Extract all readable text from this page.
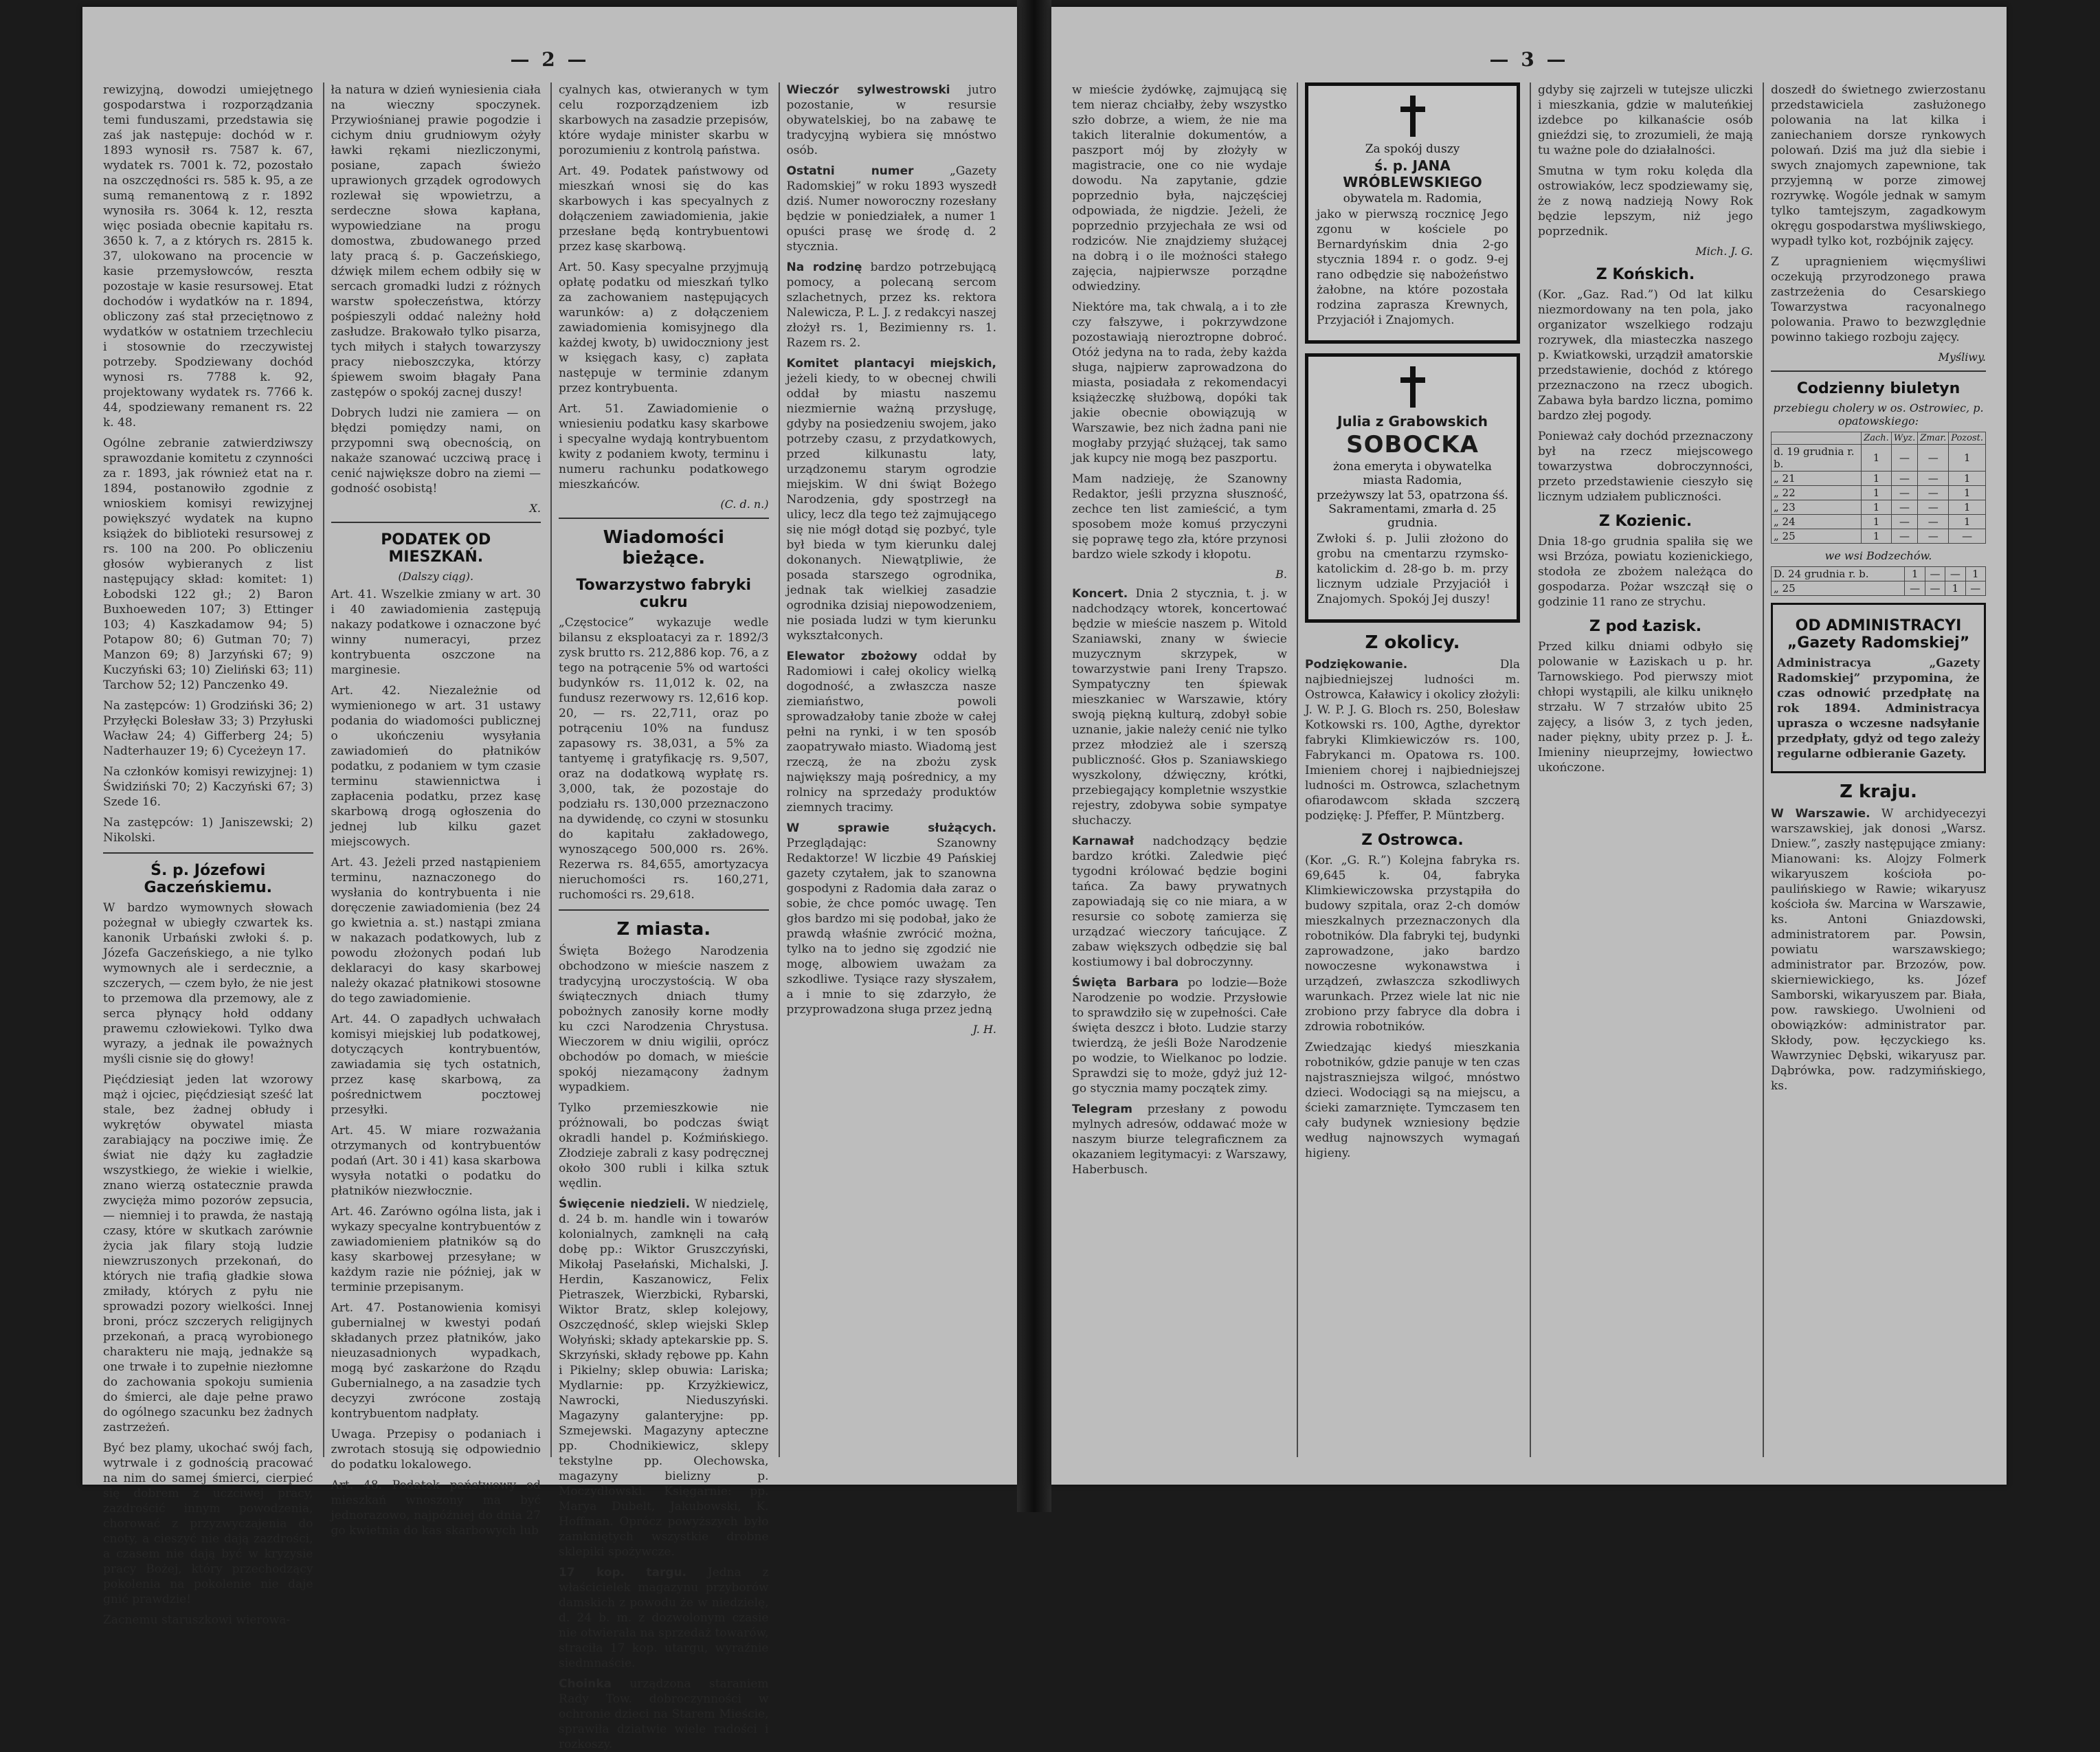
— 2 —

rewizyjną, dowodzi umiejętnego gospodarstwa i rozporządzania temi funduszami, przedstawia się zaś jak następuje: dochód w r. 1893 wynosił rs. 7587 k. 67, wydatek rs. 7001 k. 72, pozostało na oszczędności rs. 585 k. 95, a ze sumą remanentową z r. 1892 wynosiła rs. 3064 k. 12, reszta więc posiada obecnie kapitału rs. 3650 k. 7, a z których rs. 2815 k. 37, ulokowano na procencie w kasie przemysłowców, reszta pozostaje w kasie resursowej. Etat dochodów i wydatków na r. 1894, obliczony zaś stał przeciętnowo z wydatków w ostatniem trzechleciu i stosownie do rzeczywistej potrzeby. Spodziewany dochód wynosi rs. 7788 k. 92, projektowany wydatek rs. 7766 k. 44, spodziewany remanent rs. 22 k. 48.

Ogólne zebranie zatwierdziwszy sprawozdanie komitetu z czynności za r. 1893, jak również etat na r. 1894, postanowiło zgodnie z wnioskiem komisyi rewizyjnej powiększyć wydatek na kupno książek do biblioteki resursowej z rs. 100 na 200. Po obliczeniu głosów wybieranych z list następujący skład: komitet: 1) Łobodski 122 gł.; 2) Baron Buxhoeweden 107; 3) Ettinger 103; 4) Kaszkadamow 94; 5) Potapow 80; 6) Gutman 70; 7) Manzon 69; 8) Jarzyński 67; 9) Kuczyński 63; 10) Zieliński 63; 11) Tarchow 52; 12) Panczenko 49.

Na zastępców: 1) Grodziński 36; 2) Przyłęcki Bolesław 33; 3) Przyłuski Wacław 24; 4) Gifferberg 24; 5) Nadterhauzer 19; 6) Cyceżeyn 17.

Na członków komisyi rewizyjnej: 1) Świdziński 70; 2) Kaczyński 67; 3) Szede 16.

Na zastępców: 1) Janiszewski; 2) Nikolski.

Ś. p. Józefowi Gaczeńskiemu.

W bardzo wymownych słowach pożegnał w ubiegły czwartek ks. kanonik Urbański zwłoki ś. p. Józefa Gaczeńskiego, a nie tylko wymownych ale i serdecznie, a szczerych, — czem było, że nie jest to przemowa dla przemowy, ale z serca płynący hołd oddany prawemu człowiekowi. Tylko dwa wyrazy, a jednak ile poważnych myśli cisnie się do głowy!

Pięćdziesiąt jeden lat wzorowy mąż i ojciec, pięćdziesiąt sześć lat stale, bez żadnej obłudy i wykrętów obywatel miasta zarabiający na pocziwe imię. Że świat nie dąży ku zagładzie wszystkiego, że wiekie i wielkie, znano wierzą ostatecznie prawda zwycięża mimo pozorów zepsucia, — niemniej i to prawda, że nastają czasy, które w skutkach zarównie życia jak filary stoją ludzie niewzruszonych przekonań, do których nie trafią gładkie słowa zmiłady, których z pyłu nie sprowadzi pozory wielkości. Innej broni, prócz szczerych religijnych przekonań, a pracą wyrobionego charakteru nie mają, jednakże są one trwałe i to zupełnie niezłomne do zachowania spokoju sumienia do śmierci, ale daje pełne prawo do ogólnego szacunku bez żadnych zastrzeżeń.

Być bez plamy, ukochać swój fach, wytrwale i z godnością pracować na nim do samej śmierci, cierpieć się dobrem z uczciwej pracy, zazdrościć innym powodzenia, chorować z przyzwyczajenia do cnoty, a cieszyć nie dają zazdrości, a czasem nie dają być w kryzysie pracy Bożej, który przechodzący pokolenia na pokolenie nie daje gnić prawdzie!

Zacnemu staruszkowi wierowa-

ła natura w dzień wyniesienia ciała na wieczny spoczynek. Przywiośnianej prawie pogodzie i cichym dniu grudniowym ożyły ławki rękami niezliczonymi, posiane, zapach świeżo uprawionych grządek ogrodowych rozlewał się wpowietrzu, a serdeczne słowa kapłana, wypowiedziane na progu domostwa, zbudowanego przed laty pracą ś. p. Gaczeńskiego, dźwięk milem echem odbiły się w sercach gromadki ludzi z różnych warstw społeczeństwa, którzy pośpieszyli oddać należny hołd zasłudze. Brakowało tylko pisarza, tych miłych i stałych towarzyszy pracy nieboszczyka, którzy śpiewem swoim błagały Pana zastępów o spokój zacnej duszy!

Dobrych ludzi nie zamiera — on błędzi pomiędzy nami, on przypomni swą obecnością, on nakaże szanować uczciwą pracę i cenić największe dobro na ziemi — godność osobistą!

X.

PODATEK OD MIESZKAŃ.

(Dalszy ciąg).

Art. 41. Wszelkie zmiany w art. 30 i 40 zawiadomienia zastępują nakazy podatkowe i oznaczone być winny numeracyi, przez kontrybuenta oszczone na marginesie.

Art. 42. Niezależnie od wymienionego w art. 31 ustawy podania do wiadomości publicznej o ukończeniu wysyłania zawiadomień do płatników podatku, z podaniem w tym czasie terminu stawiennictwa i zapłacenia podatku, przez kasę skarbową drogą ogłoszenia do jednej lub kilku gazet miejscowych.

Art. 43. Jeżeli przed nastąpieniem terminu, naznaczonego do wysłania do kontrybuenta i nie doręczenie zawiadomienia (bez 24 go kwietnia a. st.) nastąpi zmiana w nakazach podatkowych, lub z powodu złożonych podań lub deklaracyi do kasy skarbowej należy okazać płatnikowi stosowne do tego zawiadomienie.

Art. 44. O zapadłych uchwałach komisyi miejskiej lub podatkowej, dotyczących kontrybuentów, zawiadamia się tych ostatnich, przez kasę skarbową, za pośrednictwem pocztowej przesyłki.

Art. 45. W miare rozważania otrzymanych od kontrybuentów podań (Art. 30 i 41) kasa skarbowa wysyła notatki o podatku do płatników niezwłocznie.

Art. 46. Zarówno ogólna lista, jak i wykazy specyalne kontrybuentów z zawiadomieniem płatników są do kasy skarbowej przesyłane; w każdym razie nie później, jak w terminie przepisanym.

Art. 47. Postanowienia komisyi gubernialnej w kwestyi podań składanych przez płatników, jako nieuzasadnionych wypadkach, mogą być zaskarżone do Rządu Gubernialnego, a na zasadzie tych decyzyi zwrócone zostają kontrybuentom nadpłaty.

Uwaga. Przepisy o podaniach i zwrotach stosują się odpowiednio do podatku lokalowego.

Art. 48. Podatek państwowy od mieszkań wnoszony ma być jednorazowo, najpóźniej do dnia 27 go kwietnia do kas skarbowych lub

cyalnych kas, otwieranych w tym celu rozporządzeniem izb skarbowych na zasadzie przepisów, które wydaje minister skarbu w porozumieniu z kontrolą państwa.

Art. 49. Podatek państwowy od mieszkań wnosi się do kas skarbowych i kas specyalnych z dołączeniem zawiadomienia, jakie przesłane będą kontrybuentowi przez kasę skarbową.

Art. 50. Kasy specyalne przyjmują opłatę podatku od mieszkań tylko za zachowaniem następujących warunków: a) z dołączeniem zawiadomienia komisyjnego dla każdej kwoty, b) uwidoczniony jest w księgach kasy, c) zapłata następuje w terminie zdanym przez kontrybuenta.

Art. 51. Zawiadomienie o wniesieniu podatku kasy skarbowe i specyalne wydają kontrybuentom kwity z podaniem kwoty, terminu i numeru rachunku podatkowego mieszkańców.

(C. d. n.)

Wiadomości bieżące.
Towarzystwo fabryki cukru

„Częstocice” wykazuje wedle bilansu z eksploatacyi za r. 1892/3 zysk brutto rs. 212,886 kop. 76, a z tego na potrącenie 5% od wartości budynków rs. 11,012 k. 02, na fundusz rezerwowy rs. 12,616 kop. 20, — rs. 22,711, oraz po potrąceniu 10% na fundusz zapasowy rs. 38,031, a 5% za tantyemę i gratyfikację rs. 9,507, oraz na dodatkową wypłatę rs. 3,000, tak, że pozostaje do podziału rs. 130,000 przeznaczono na dywidendę, co czyni w stosunku do kapitału zakładowego, wynoszącego 500,000 rs. 26%. Rezerwa rs. 84,655, amortyzacya nieruchomości rs. 160,271, ruchomości rs. 29,618.

Z miasta.

Święta Bożego Narodzenia obchodzono w mieście naszem z tradycyjną uroczystością. W oba świątecznych dniach tłumy pobożnych zanosiły korne modły ku czci Narodzenia Chrystusa. Wieczorem w dniu wigilii, oprócz obchodów po domach, w mieście spokój niezamącony żadnym wypadkiem.

Tylko przemieszkowie nie próżnowali, bo podczas świąt okradli handel p. Koźmińskiego. Złodzieje zabrali z kasy podręcznej około 300 rubli i kilka sztuk wędlin.

Święcenie niedzieli. W niedzielę, d. 24 b. m. handle win i towarów kolonialnych, zamknęli na całą dobę pp.: Wiktor Gruszczyński, Mikołaj Pasełański, Michalski, J. Herdin, Kaszanowicz, Felix Pietraszek, Wierzbicki, Rybarski, Wiktor Bratz, sklep kolejowy, Oszczędność, sklep wiejski Sklep Wołyński; składy aptekarskie pp. S. Skrzyński, składy rębowe pp. Kahn i Pikielny; sklep obuwia: Lariska; Mydlarnie: pp. Krzyżkiewicz, Nawrocki, Nieduszyński. Magazyny galanteryjne: pp. Szmejewski. Magazyny apteczne pp. Chodnikiewicz, sklepy tekstylne pp. Olechowska, magazyny bielizny p. Moczydłowski. Księgarnie: pp. Marya Dubelt, Jakubowski, K. Hoffman. Oprócz powyższych było zamkniętych wszystkie drobne sklepiki spożywcze.

17 kop. targu. Jedna z właścicielek magazynu przyborów damskich z powodu że w niedzielę, d. 24 b. m. z dozwolonym czasie nie otwierała na sprzedaż towarów, straciła 17 kop. utargu, wyraźnie siedmnaście.

Choinka urządzona staraniem Rady Tow. dobroczynności w ochronie dzieci na Starem Mieście, sprawiła dziatwie wiele radości i rozkoszy.

Wieczór sylwestrowski jutro pozostanie, w resursie obywatelskiej, bo na zabawę te tradycyjną wybiera się mnóstwo osób.

Ostatni numer	„Gazety Radomskiej” w roku 1893 wyszedł dziś. Numer noworoczny rozesłany będzie w poniedziałek, a numer 1 opuści prasę we środę d. 2 stycznia.

Na rodzinę bardzo potrzebującą pomocy, a polecaną sercom szlachetnych, przez ks. rektora Nalewicza, P. L. J. z redakcyi naszej złożył rs. 1, Bezimienny rs. 1. Razem rs. 2.

Komitet plantacyi miejskich, jeżeli kiedy, to w obecnej chwili oddał by miastu naszemu niezmiernie ważną przysługę, gdyby na posiedzeniu swojem, jako potrzeby czasu, z przydatkowych, przed kilkunastu laty, urządzonemu starym ogrodzie miejskim. W dni świąt Bożego Narodzenia, gdy spostrzegł na ulicy, lecz dla tego też zajmującego się nie mógł dotąd się pozbyć, tyle był bieda w tym kierunku dalej dokonanych. Niewątpliwie, że posada starszego ogrodnika, jednak tak wielkiej zasadzie ogrodnika dzisiaj niepowodzeniem, nie posiada ludzi w tym kierunku wykształconych.

Elewator zbożowy oddał by Radomiowi i całej okolicy wielką dogodność, a zwłaszcza nasze ziemiaństwo, powoli sprowadzałoby tanie zboże w całej pełni na rynki, i w ten sposób zaopatrywało miasto. Wiadomą jest rzeczą, że na zbożu zysk największy mają pośrednicy, a my rolnicy na sprzedaży produktów ziemnych tracimy.

W sprawie służących. Przeglądając: Szanowny Redaktorze! W liczbie 49 Pańskiej gazety czytałem, jak to szanowna gospodyni z Radomia dała zaraz o sobie, że chce pomóc uwagę. Ten głos bardzo mi się podobał, jako że prawdą właśnie zwrócić można, tylko na to jedno się zgodzić nie mogę, albowiem uważam za szkodliwe. Tysiące razy słyszałem, a i mnie to się zdarzyło, że przyprowadzona sługa przez jedną

J. H.

— 3 —

w mieście żydówkę, zajmującą się tem nieraz chciałby, żeby wszystko szło dobrze, a wiem, że nie ma takich literalnie dokumentów, a paszport mój by złożyły w magistracie, one co nie wydaje dowodu. Na zapytanie, gdzie poprzednio była, najczęściej odpowiada, że nigdzie. Jeżeli, że poprzednio przyjechała ze wsi od rodziców. Nie znajdziemy służącej na dobrą i o ile możności stałego zajęcia, najpierwsze porządne odwiedziny.

Niektóre ma, tak chwalą, a i to złe czy fałszywe, i pokrzywdzone pozostawiają nieroztropne dobroć. Otóż jedyna na to rada, żeby każda sługa, najpierw zaprowadzona do miasta, posiadała z rekomendacyi książeczkę służbową, dopóki tak jakie obecnie obowiązują w Warszawie, bez nich żadna pani nie mogłaby przyjąć służącej, tak samo jak kupcy nie mogą bez paszportu.

Mam nadzieję, że Szanowny Redaktor, jeśli przyzna słuszność, zechce ten list zamieścić, a tym sposobem może komuś przyczyni się poprawę tego zła, które przynosi bardzo wiele szkody i kłopotu.

B.

Koncert. Dnia 2 stycznia, t. j. w nadchodzący wtorek, koncertować będzie w mieście naszem p. Witold Szaniawski, znany w świecie muzycznym skrzypek, w towarzystwie pani Ireny Trapszo. Sympatyczny ten śpiewak mieszkaniec w Warszawie, który swoją piękną kulturą, zdobył sobie uznanie, jakie należy cenić nie tylko przez młodzież ale i szerszą publiczność. Głos p. Szaniawskiego wyszkolony, dźwięczny, krótki, przebiegający kompletnie wszystkie rejestry, zdobywa sobie sympatye słuchaczy.

Karnawał nadchodzący będzie bardzo krótki. Zaledwie pięć tygodni królować będzie bogini tańca. Za bawy prywatnych zapowiadają się co nie miara, a w resursie co sobotę zamierza się urządzać wieczory tańcujące. Z zabaw większych odbędzie się bal kostiumowy i bal dobroczynny.

Święta Barbara po lodzie—Boże Narodzenie po wodzie. Przysłowie to sprawdziło się w zupełności. Całe święta deszcz i błoto. Ludzie starzy twierdzą, że jeśli Boże Narodzenie po wodzie, to Wielkanoc po lodzie. Sprawdzi się to może, gdyż już 12-go stycznia mamy początek zimy.

Telegram przesłany z powodu mylnych adresów, oddawać może w naszym biurze telegraficznem za okazaniem legitymacyi: z Warszawy, Haberbusch.

Za spokój duszy

ś. p. JANA WRÓBLEWSKIEGO

obywatela m. Radomia,

jako w pierwszą rocznicę Jego zgonu w kościele po Bernardyńskim dnia 2-go stycznia 1894 r. o godz. 9-ej rano odbędzie się nabożeństwo żałobne, na które pozostała rodzina zaprasza Krewnych, Przyjaciół i Znajomych.

Julia z Grabowskich

SOBOCKA

żona emeryta i obywatelka miasta Radomia,

przeżywszy lat 53, opatrzona śś. Sakramentami, zmarła d. 25 grudnia.

Zwłoki ś. p. Julii złożono do grobu na cmentarzu rzymsko-katolickim d. 28-go b. m. przy licznym udziale Przyjaciół i Znajomych. Spokój Jej duszy!

Z okolicy.

Podziękowanie.	Dla najbiedniejszej ludności m. Ostrowca, Kaławicy i okolicy złożyli: J. W. P. J. G. Bloch rs. 250, Bolesław Kotkowski rs. 100, Agthe, dyrektor fabryki Klimkiewiczów rs. 100, Fabrykanci m. Opatowa rs. 100. Imieniem chorej i najbiedniejszej ludności m. Ostrowca, szlachetnym ofiarodawcom składa szczerą podziękę: J. Pfeffer, P. Müntzberg.

Z Ostrowca.

(Kor. „G. R.”) Kolejna fabryka rs. 69,645 k. 04, fabryka Klimkiewiczowska przystąpiła do budowy szpitala, oraz 2-ch domów mieszkalnych przeznaczonych dla robotników. Dla fabryki tej, budynki zaprowadzone, jako bardzo nowoczesne wykonawstwa i urządzeń, zwłaszcza szkodliwych warunkach. Przez wiele lat nic nie zrobiono przy fabryce dla dobra i zdrowia robotników.

Zwiedzając kiedyś mieszkania robotników, gdzie panuje w ten czas najstraszniejsza wilgoć, mnóstwo dzieci. Wodociągi są na miejscu, a ścieki zamarznięte. Tymczasem ten cały budynek wzniesiony będzie według najnowszych wymagań higieny.

gdyby się zajrzeli w tutejsze uliczki i mieszkania, gdzie w maluteńkiej izdebce po kilkanaście osób gnieździ się, to zrozumieli, że mają tu ważne pole do działalności.

Smutna w tym roku kolęda dla ostrowiaków, lecz spodziewamy się, że z nową nadzieją Nowy Rok będzie lepszym, niż jego poprzednik.

Mich. J. G.

Z Końskich.

(Kor. „Gaz. Rad.”) Od lat kilku niezmordowany na ten pola, jako organizator wszelkiego rodzaju rozrywek, dla miasteczka naszego p. Kwiatkowski, urządził amatorskie przedstawienie, dochód z którego przeznaczono na rzecz ubogich. Zabawa była bardzo liczna, pomimo bardzo złej pogody.

Ponieważ cały dochód przeznaczony był na rzecz miejscowego towarzystwa dobroczynności, przeto przedstawienie cieszyło się licznym udziałem publiczności.

Z Kozienic.

Dnia 18-go grudnia spaliła się we wsi Brzóza, powiatu kozienickiego, stodoła ze zbożem należąca do gospodarza. Pożar wszczął się o godzinie 11 rano ze strychu.

Z pod Łazisk.

Przed kilku dniami odbyło się polowanie w Łaziskach u p. hr. Tarnowskiego. Pod pierwszy miot chłopi wystąpili, ale kilku uniknęło strzału. W 7 strzałów ubito 25 zajęcy, a lisów 3, z tych jeden, nader piękny, ubity przez p. J. Ł. Imieniny nieuprzejmy, łowiectwo ukończone.

doszedł do świetnego zwierzostanu przedstawiciela zasłużonego polowania na lat kilka i zaniechaniem dorsze rynkowych polowań. Dziś ma już dla siebie i swych znajomych zapewnione, tak przyjemną w porze zimowej rozrywkę. Wogóle jednak w samym tylko tamtejszym, zagadkowym okręgu gospodarstwa myśliwskiego, wypadł tylko kot, rozbójnik zajęcy.

Z upragnieniem więcmyśliwi oczekują przyrodzonego prawa zastrzeżenia do Cesarskiego Towarzystwa racyonalnego polowania. Prawo to bezwzględnie powinno takiego rozboju zajęcy.

Myśliwy.

Codzienny biuletyn

przebiegu cholery w os. Ostrowiec, p. opatowskiego:

	Zach.	Wyz.	Zmar.	Pozost.
d. 19 grudnia r. b.	1	—	—	1
„ 21	1	—	—	1
„ 22	1	—	—	1
„ 23	1	—	—	1
„ 24	1	—	—	1
„ 25	1	—	—	—

we wsi Bodzechów.

D. 24 grudnia r. b.	1	—	—	1
„ 25	—	—	1	—
OD ADMINISTRACYI „Gazety Radomskiej”

Administracya „Gazety Radomskiej” przypomina, że czas odnowić przedpłatę na rok 1894. Administracya uprasza o wczesne nadsyłanie przedpłaty, gdyż od tego zależy regularne odbieranie Gazety.

Z kraju.

W Warszawie. W archidyecezyi warszawskiej, jak donosi „Warsz. Dniew.”, zaszły następujące zmiany: Mianowani: ks. Alojzy Folmerk wikaryuszem kościoła po-paulińskiego w Rawie; wikaryusz kościoła św. Marcina w Warszawie, ks. Antoni Gniazdowski, administratorem par. Powsin, powiatu warszawskiego; administrator par. Brzozów, pow. skierniewickiego, ks. Józef Samborski, wikaryuszem par. Biała, pow. rawskiego. Uwolnieni od obowiązków: administrator par. Skłody, pow. łęczyckiego ks. Wawrzyniec Dębski, wikaryusz par. Dąbrówka, pow. radzymińskiego, ks.
